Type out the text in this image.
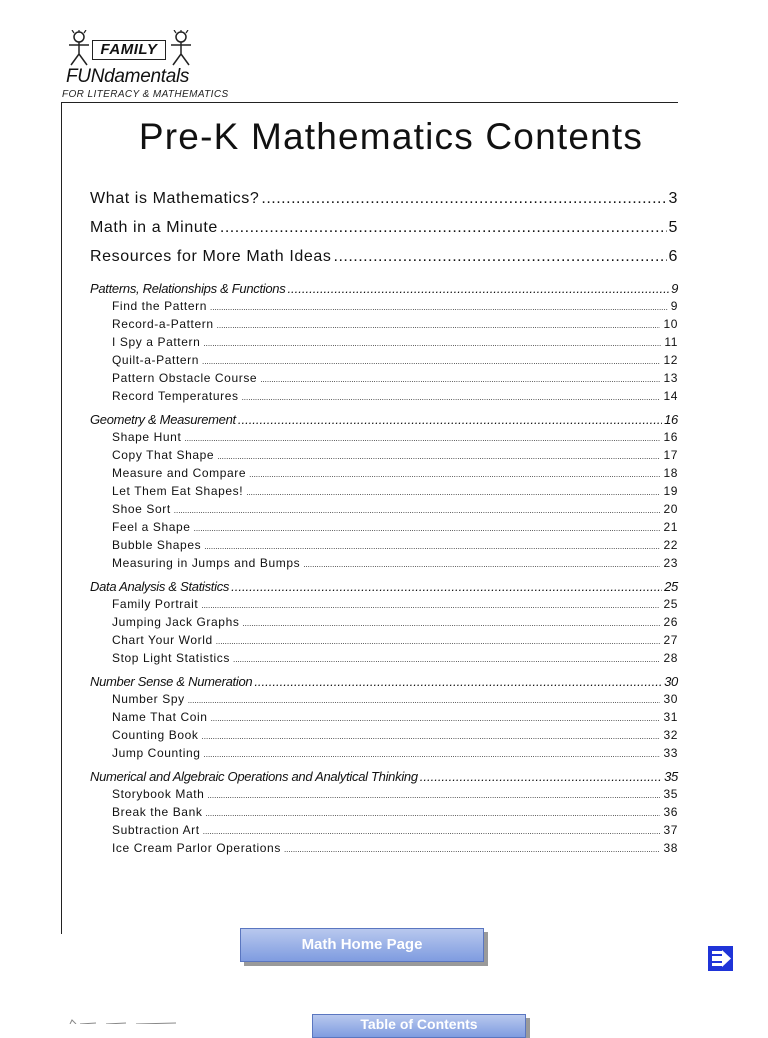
FAMILY
FUNdamentals
FOR LITERACY & MATHEMATICS
Pre-K Mathematics Contents
What is Mathematics? .....	3
Math in a Minute .....	5
Resources for More Math Ideas .....	6
Patterns, Relationships & Functions .....	9
Find the Pattern .....	9
Record-a-Pattern .....	10
I Spy a Pattern .....	11
Quilt-a-Pattern .....	12
Pattern Obstacle Course .....	13
Record Temperatures .....	14
Geometry & Measurement .....	16
Shape Hunt .....	16
Copy That Shape .....	17
Measure and Compare .....	18
Let Them Eat Shapes! .....	19
Shoe Sort .....	20
Feel a Shape .....	21
Bubble Shapes .....	22
Measuring in Jumps and Bumps .....	23
Data Analysis & Statistics .....	25
Family Portrait .....	25
Jumping Jack Graphs .....	26
Chart Your World .....	27
Stop Light Statistics .....	28
Number Sense & Numeration .....	30
Number Spy .....	30
Name That Coin .....	31
Counting Book .....	32
Jump Counting .....	33
Numerical and Algebraic Operations and Analytical Thinking .....	35
Storybook Math .....	35
Break the Bank .....	36
Subtraction Art .....	37
Ice Cream Parlor Operations .....	38
Math Home Page
Table of Contents
